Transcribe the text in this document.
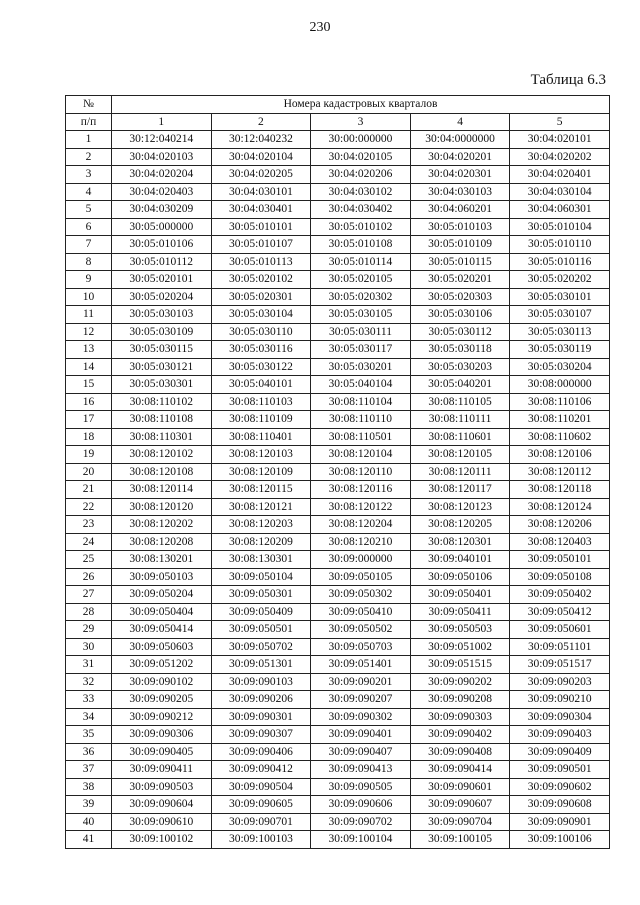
230
Таблица 6.3
№	Номера кадастровых кварталов				
п/п	1	2	3	4	5
1	30:12:040214	30:12:040232	30:00:000000	30:04:0000000	30:04:020101
2	30:04:020103	30:04:020104	30:04:020105	30:04:020201	30:04:020202
3	30:04:020204	30:04:020205	30:04:020206	30:04:020301	30:04:020401
4	30:04:020403	30:04:030101	30:04:030102	30:04:030103	30:04:030104
5	30:04:030209	30:04:030401	30:04:030402	30:04:060201	30:04:060301
6	30:05:000000	30:05:010101	30:05:010102	30:05:010103	30:05:010104
7	30:05:010106	30:05:010107	30:05:010108	30:05:010109	30:05:010110
8	30:05:010112	30:05:010113	30:05:010114	30:05:010115	30:05:010116
9	30:05:020101	30:05:020102	30:05:020105	30:05:020201	30:05:020202
10	30:05:020204	30:05:020301	30:05:020302	30:05:020303	30:05:030101
11	30:05:030103	30:05:030104	30:05:030105	30:05:030106	30:05:030107
12	30:05:030109	30:05:030110	30:05:030111	30:05:030112	30:05:030113
13	30:05:030115	30:05:030116	30:05:030117	30:05:030118	30:05:030119
14	30:05:030121	30:05:030122	30:05:030201	30:05:030203	30:05:030204
15	30:05:030301	30:05:040101	30:05:040104	30:05:040201	30:08:000000
16	30:08:110102	30:08:110103	30:08:110104	30:08:110105	30:08:110106
17	30:08:110108	30:08:110109	30:08:110110	30:08:110111	30:08:110201
18	30:08:110301	30:08:110401	30:08:110501	30:08:110601	30:08:110602
19	30:08:120102	30:08:120103	30:08:120104	30:08:120105	30:08:120106
20	30:08:120108	30:08:120109	30:08:120110	30:08:120111	30:08:120112
21	30:08:120114	30:08:120115	30:08:120116	30:08:120117	30:08:120118
22	30:08:120120	30:08:120121	30:08:120122	30:08:120123	30:08:120124
23	30:08:120202	30:08:120203	30:08:120204	30:08:120205	30:08:120206
24	30:08:120208	30:08:120209	30:08:120210	30:08:120301	30:08:120403
25	30:08:130201	30:08:130301	30:09:000000	30:09:040101	30:09:050101
26	30:09:050103	30:09:050104	30:09:050105	30:09:050106	30:09:050108
27	30:09:050204	30:09:050301	30:09:050302	30:09:050401	30:09:050402
28	30:09:050404	30:09:050409	30:09:050410	30:09:050411	30:09:050412
29	30:09:050414	30:09:050501	30:09:050502	30:09:050503	30:09:050601
30	30:09:050603	30:09:050702	30:09:050703	30:09:051002	30:09:051101
31	30:09:051202	30:09:051301	30:09:051401	30:09:051515	30:09:051517
32	30:09:090102	30:09:090103	30:09:090201	30:09:090202	30:09:090203
33	30:09:090205	30:09:090206	30:09:090207	30:09:090208	30:09:090210
34	30:09:090212	30:09:090301	30:09:090302	30:09:090303	30:09:090304
35	30:09:090306	30:09:090307	30:09:090401	30:09:090402	30:09:090403
36	30:09:090405	30:09:090406	30:09:090407	30:09:090408	30:09:090409
37	30:09:090411	30:09:090412	30:09:090413	30:09:090414	30:09:090501
38	30:09:090503	30:09:090504	30:09:090505	30:09:090601	30:09:090602
39	30:09:090604	30:09:090605	30:09:090606	30:09:090607	30:09:090608
40	30:09:090610	30:09:090701	30:09:090702	30:09:090704	30:09:090901
41	30:09:100102	30:09:100103	30:09:100104	30:09:100105	30:09:100106
